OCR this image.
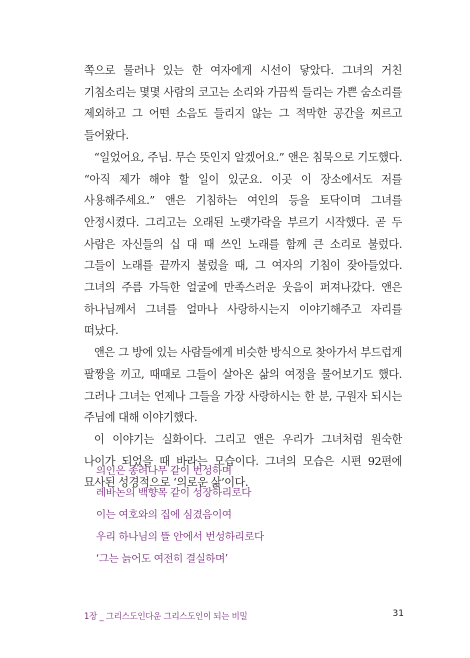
쪽으로 물러나 있는 한 여자에게 시선이 닿았다. 그녀의 거친 기침소리는 몇몇 사람의 코고는 소리와 가끔씩 들리는 가쁜 숨소리를 제외하고 그 어떤 소음도 들리지 않는 그 적막한 공간을 찌르고 들어왔다.

“일었어요, 주님. 무슨 뜻인지 알겠어요.” 앤은 침묵으로 기도했다. “아직 제가 해야 할 일이 있군요. 이곳 이 장소에서도 저를 사용해주세요.” 앤은 기침하는 여인의 등을 토닥이며 그녀를 안정시켰다. 그리고는 오래된 노랫가락을 부르기 시작했다. 곧 두 사람은 자신들의 십 대 때 쓰인 노래를 함께 큰 소리로 불렀다. 그들이 노래를 끝까지 불렀을 때, 그 여자의 기침이 잦아들었다. 그녀의 주름 가득한 얼굴에 만족스러운 웃음이 퍼져나갔다. 앤은 하나님께서 그녀를 얼마나 사랑하시는지 이야기해주고 자리를 떠났다.

앤은 그 방에 있는 사람들에게 비슷한 방식으로 찾아가서 부드럽게 팔짱을 끼고, 때때로 그들이 살아온 삶의 여정을 물어보기도 했다. 그러나 그녀는 언제나 그들을 가장 사랑하시는 한 분, 구원자 되시는 주님에 대해 이야기했다.

이 이야기는 실화이다. 그리고 앤은 우리가 그녀처럼 원숙한 나이가 되었을 때 바라는 모습이다. 그녀의 모습은 시편 92편에 묘사된 성경적으로 ‘의로운 삶’이다.

의인은 종려나무 같이 번성하며
레바논의 백향목 같이 성장하리로다
이는 여호와의 집에 심겼음이여
우리 하나님의 뜰 안에서 번성하리로다
‘그는 늙어도 여전히 결실하며’
1장 _ 그리스도인다운 그리스도인이 되는 비밀	31
